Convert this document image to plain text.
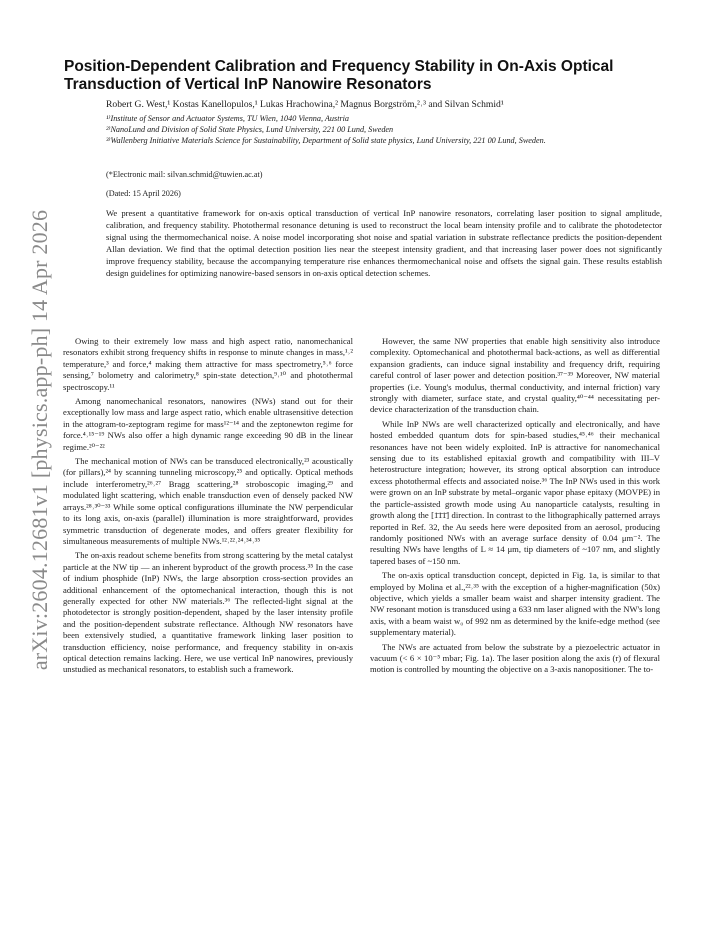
arXiv:2604.12681v1 [physics.app-ph] 14 Apr 2026
Position-Dependent Calibration and Frequency Stability in On-Axis Optical Transduction of Vertical InP Nanowire Resonators
Robert G. West,¹ Kostas Kanellopulos,¹ Lukas Hrachowina,² Magnus Borgström,²˒³ and Silvan Schmid¹
¹⁾Institute of Sensor and Actuator Systems, TU Wien, 1040 Vienna, Austria
²⁾NanoLund and Division of Solid State Physics, Lund University, 221 00 Lund, Sweden
³⁾Wallenberg Initiative Materials Science for Sustainability, Department of Solid state physics, Lund University, 221 00 Lund, Sweden.
(*Electronic mail: silvan.schmid@tuwien.ac.at)
(Dated: 15 April 2026)
We present a quantitative framework for on-axis optical transduction of vertical InP nanowire resonators, correlating laser position to signal amplitude, calibration, and frequency stability. Photothermal resonance detuning is used to reconstruct the local beam intensity profile and to calibrate the photodetector signal using the thermomechanical noise. A noise model incorporating shot noise and spatial variation in substrate reflectance predicts the position-dependent Allan deviation. We find that the optimal detection position lies near the steepest intensity gradient, and that increasing laser power does not significantly improve frequency stability, because the accompanying temperature rise enhances thermomechanical noise and offsets the signal gain. These results establish design guidelines for optimizing nanowire-based sensors in on-axis optical detection schemes.

Owing to their extremely low mass and high aspect ratio, nanomechanical resonators exhibit strong frequency shifts in response to minute changes in mass,¹˒² temperature,³ and force,⁴ making them attractive for mass spectrometry,⁵˒⁶ force sensing,⁷ bolometry and calorimetry,⁸ spin-state detection,⁹˒¹⁰ and photothermal spectroscopy.¹¹

Among nanomechanical resonators, nanowires (NWs) stand out for their exceptionally low mass and large aspect ratio, which enable ultrasensitive detection in the attogram-to-zeptogram regime for mass¹²⁻¹⁴ and the zeptonewton regime for force.⁴˒¹⁵⁻¹⁹ NWs also offer a high dynamic range exceeding 90 dB in the linear regime.²⁰⁻²²

The mechanical motion of NWs can be transduced electronically,²³ acoustically (for pillars),²⁴ by scanning tunneling microscopy,²⁵ and optically. Optical methods include interferometry,²⁶˒²⁷ Bragg scattering,²⁸ stroboscopic imaging,²⁹ and modulated light scattering, which enable transduction even of densely packed NW arrays.²⁸˒³⁰⁻³³ While some optical configurations illuminate the NW perpendicular to its long axis, on-axis (parallel) illumination is more straightforward, provides symmetric transduction of degenerate modes, and offers greater flexibility for simultaneous measurements of multiple NWs.¹²˒²²˒²⁴˒³⁴˒³⁵

The on-axis readout scheme benefits from strong scattering by the metal catalyst particle at the NW tip — an inherent byproduct of the growth process.³⁵ In the case of indium phosphide (InP) NWs, the large absorption cross-section provides an additional enhancement of the optomechanical interaction, though this is not generally expected for other NW materials.³⁶ The reflected-light signal at the photodetector is strongly position-dependent, shaped by the laser intensity profile and the position-dependent substrate reflectance. Although NW resonators have been extensively studied, a quantitative framework linking laser position to transduction efficiency, noise performance, and frequency stability in on-axis optical detection remains lacking. Here, we use vertical InP nanowires, previously unstudied as mechanical resonators, to establish such a framework.

However, the same NW properties that enable high sensitivity also introduce complexity. Optomechanical and photothermal back-actions, as well as differential expansion gradients, can induce signal instability and frequency drift, requiring careful control of laser power and detection position.³⁷⁻³⁹ Moreover, NW material properties (i.e. Young's modulus, thermal conductivity, and internal friction) vary strongly with diameter, surface state, and crystal quality,⁴⁰⁻⁴⁴ necessitating per-device characterization of the transduction chain.

While InP NWs are well characterized optically and electronically, and have hosted embedded quantum dots for spin-based studies,⁴⁵˒⁴⁶ their mechanical resonances have not been widely exploited. InP is attractive for nanomechanical sensing due to its established epitaxial growth and compatibility with III–V heterostructure integration; however, its strong optical absorption can introduce excess photothermal effects and associated noise.³⁶ The InP NWs used in this work were grown on an InP substrate by metal–organic vapor phase epitaxy (MOVPE) in the particle-assisted growth mode using Au nanoparticle catalysts, resulting in growth along the [1̄1̄1̄] direction. In contrast to the lithographically patterned arrays reported in Ref. 32, the Au seeds here were deposited from an aerosol, producing randomly positioned NWs with an average surface density of 0.04 μm⁻². The resulting NWs have lengths of L ≈ 14 μm, tip diameters of ~107 nm, and slightly tapered bases of ~150 nm.

The on-axis optical transduction concept, depicted in Fig. 1a, is similar to that employed by Molina et al.,²²˒³⁵ with the exception of a higher-magnification (50x) objective, which yields a smaller beam waist and sharper intensity gradient. The NW resonant motion is transduced using a 633 nm laser aligned with the NW's long axis, with a beam waist w₀ of 992 nm as determined by the knife-edge method (see supplementary material).

The NWs are actuated from below the substrate by a piezoelectric actuator in vacuum (< 6 × 10⁻⁵ mbar; Fig. 1a). The laser position along the axis (r) of flexural motion is controlled by mounting the objective on a 3-axis nanopositioner. The to-
